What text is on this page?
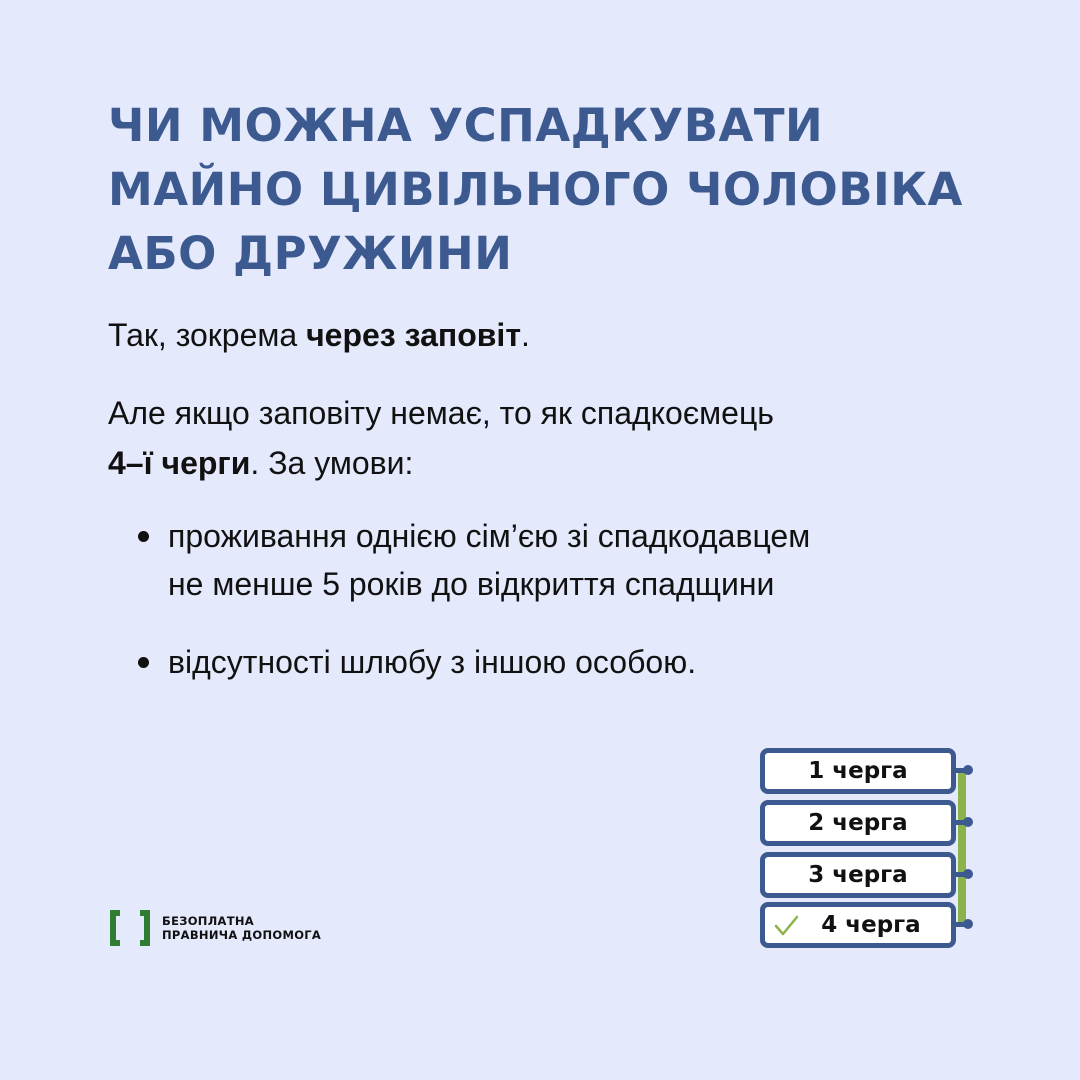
ЧИ МОЖНА УСПАДКУВАТИ
МАЙНО ЦИВІЛЬНОГО ЧОЛОВІКА
АБО ДРУЖИНИ

Так, зокрема через заповіт.

Але якщо заповіту немає, то як спадкоємець
4–ї черги. За умови:

проживання однією сім’єю зі спадкодавцем
не менше 5 років до відкриття спадщини
відсутності шлюбу з іншою особою.
БЕЗОПЛАТНА
ПРАВНИЧА ДОПОМОГА
1 черга
2 черга
3 черга
4 черга
